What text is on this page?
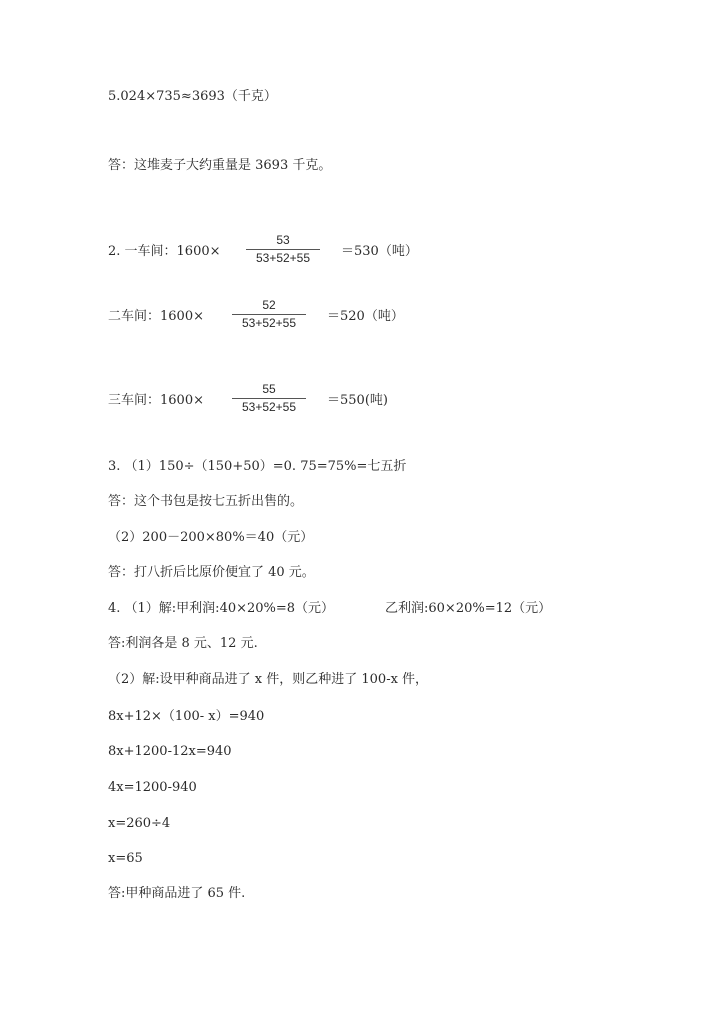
5.024×735≈3693（千克）
答：这堆麦子大约重量是 3693 千克。
2. 一车间：1600×
53
53+52+55	＝530（吨）
二车间：1600×
52
53+52+55	＝520（吨）
三车间：1600×
55
53+52+55	＝550(吨)
3. （1）150÷（150+50）=0. 75=75%=七五折
答：这个书包是按七五折出售的。
（2）200－200×80%＝40（元）
答：打八折后比原价便宜了 40 元。
4. （1）解:甲利润:40×20%=8（元）	乙利润:60×20%=12（元）
答:利润各是 8 元、12 元.
（2）解:设甲种商品进了 x 件，则乙种进了 100-x 件，
8x+12×（100- x）=940
8x+1200-12x=940
4x=1200-940
x=260÷4
x=65
答:甲种商品进了 65 件.
